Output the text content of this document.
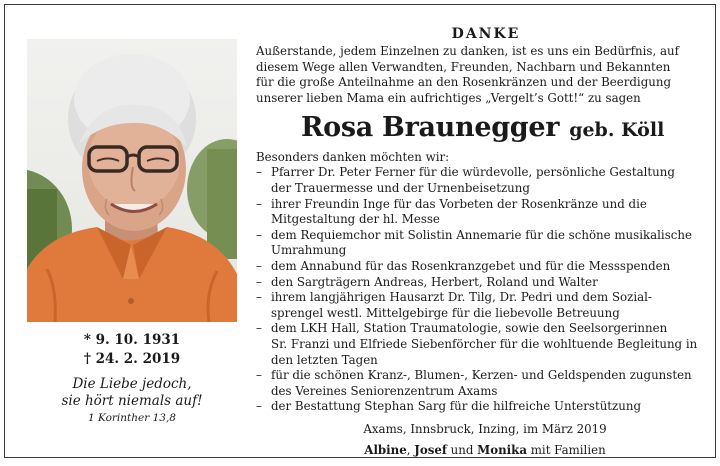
* 9. 10. 1931
† 24. 2. 2019
Die Liebe jedoch,
sie hört niemals auf!
1 Korinther 13,8
DANKE
Außerstande, jedem Einzelnen zu danken, ist es uns ein Bedürfnis, auf
diesem Wege allen Verwandten, Freunden, Nachbarn und Bekannten
für die große Anteilnahme an den Rosenkränzen und der Beerdigung
unserer lieben Mama ein aufrichtiges „Vergelt’s Gott!“ zu sagen
Rosa Braunegger geb. Köll
Besonders danken möchten wir:
– Pfarrer Dr. Peter Ferner für die würdevolle, persönliche Gestaltung
der Trauermesse und der Urnenbeisetzung
– ihrer Freundin Inge für das Vorbeten der Rosenkränze und die
Mitgestaltung der hl. Messe
– dem Requiemchor mit Solistin Annemarie für die schöne musikalische
Umrahmung
– dem Annabund für das Rosenkranzgebet und für die Messspenden
– den Sargträgern Andreas, Herbert, Roland und Walter
– ihrem langjährigen Hausarzt Dr. Tilg, Dr. Pedri und dem Sozial-
sprengel westl. Mittelgebirge für die liebevolle Betreuung
– dem LKH Hall, Station Traumatologie, sowie den Seelsorgerinnen
Sr. Franzi und Elfriede Siebenförcher für die wohltuende Begleitung in
den letzten Tagen
– für die schönen Kranz-, Blumen-, Kerzen- und Geldspenden zugunsten
des Vereines Seniorenzentrum Axams
– der Bestattung Stephan Sarg für die hilfreiche Unterstützung
Axams, Innsbruck, Inzing, im März 2019
Albine, Josef und Monika mit Familien
